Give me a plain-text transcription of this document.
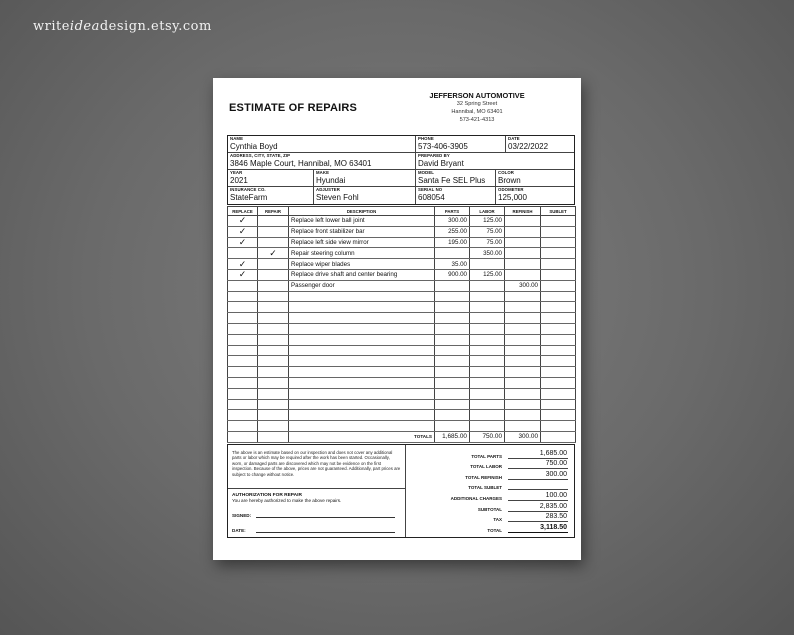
writeideadesign.etsy.com
ESTIMATE OF REPAIRS
JEFFERSON AUTOMOTIVE
32 Spring Street
Hannibal, MO 63401
573-421-4313
NAME
Cynthia Boyd
PHONE
573-406-3905
DATE
03/22/2022
ADDRESS, CITY, STATE, ZIP
3846 Maple Court, Hannibal, MO 63401
PREPARED BY
David Bryant
YEAR
2021
MAKE
Hyundai
MODEL
Santa Fe SEL Plus
COLOR
Brown
INSURANCE CO.
StateFarm
ADJUSTER
Steven Fohl
SERIAL NO
608054
ODOMETER
125,000
REPLACE	REPAIR	DESCRIPTION	PARTS	LABOR	REFINISH	SUBLET
✓		Replace left lower ball joint	300.00	125.00		
✓		Replace front stabilizer bar	255.00	75.00		
✓		Replace left side view mirror	195.00	75.00		
	✓	Repair steering column		350.00		
✓		Replace wiper blades	35.00			
✓		Replace drive shaft and center bearing	900.00	125.00		
		Passenger door			300.00	

		TOTALS	1,685.00	750.00	300.00	
The above is an estimate based on our inspection and does not cover any additional parts or labor which may be required after the work has been started. Occasionally, worn, or damaged parts are discovered which may not be evidence on the first inspection. Because of the above, prices are not guaranteed. Additionally, part prices are subject to change without notice.
AUTHORIZATION FOR REPAIR
You are hereby authorized to make the above repairs.
SIGNED:
DATE:
TOTAL PARTS	1,685.00
TOTAL LABOR	750.00
TOTAL REFINISH	300.00
TOTAL SUBLET
ADDITIONAL CHARGES	100.00
SUBTOTAL	2,835.00
TAX	283.50
TOTAL	3,118.50
